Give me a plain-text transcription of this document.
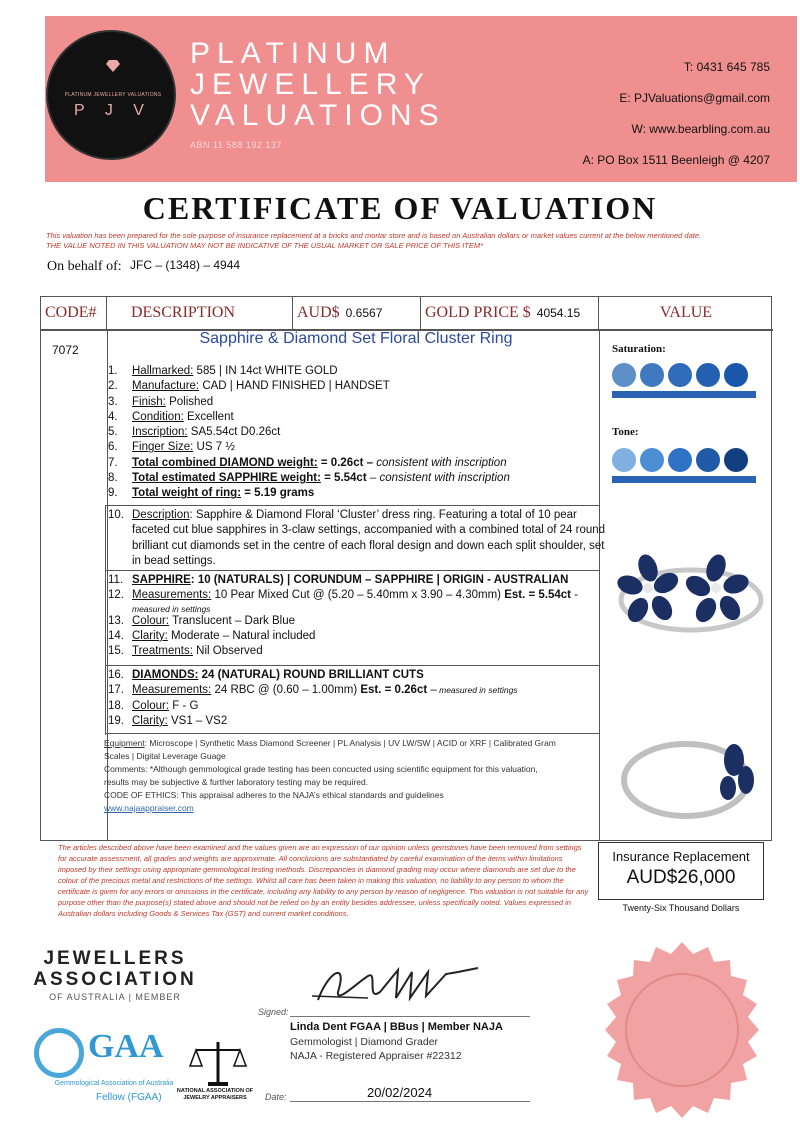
PLATINUM JEWELLERY VALUATIONS
P J V
PLATINUM
JEWELLERY
VALUATIONS
ABN 11 588 192 137
T: 0431 645 785
E: PJValuations@gmail.com
W: www.bearbling.com.au
A: PO Box 1511 Beenleigh @ 4207
CERTIFICATE OF VALUATION
This valuation has been prepared for the sole purpose of insurance replacement at a bricks and mortar store and is based on Australian dollars or market values current at the below mentioned date.
THE VALUE NOTED IN THIS VALUATION MAY NOT BE INDICATIVE OF THE USUAL MARKET OR SALE PRICE OF THIS ITEM*
On behalf of: JFC – (1348) – 4944
CODE#	DESCRIPTION	AUD$ 0.6567	GOLD PRICE $ 4054.15	VALUE
7072
Sapphire & Diamond Set Floral Cluster Ring
1. Hallmarked: 585 | IN 14ct WHITE GOLD
2. Manufacture: CAD | HAND FINISHED | HANDSET
3. Finish: Polished
4. Condition: Excellent
5. Inscription: SA5.54ct D0.26ct
6. Finger Size: US 7 ½
7. Total combined DIAMOND weight: = 0.26ct – consistent with inscription
8. Total estimated SAPPHIRE weight: = 5.54ct – consistent with inscription
9. Total weight of ring: = 5.19 grams
10. Description: Sapphire & Diamond Floral ‘Cluster’ dress ring. Featuring a total of 10 pear
faceted cut blue sapphires in 3-claw settings, accompanied with a combined total of 24 round
brilliant cut diamonds set in the centre of each floral design and down each split shoulder, set
in bead settings.
11. SAPPHIRE: 10 (NATURALS) | CORUNDUM – SAPPHIRE | ORIGIN - AUSTRALIAN
12. Measurements: 10 Pear Mixed Cut @ (5.20 – 5.40mm x 3.90 – 4.30mm) Est. = 5.54ct -
measured in settings
13. Colour: Translucent – Dark Blue
14. Clarity: Moderate – Natural included
15. Treatments: Nil Observed
16. DIAMONDS: 24 (NATURAL) ROUND BRILLIANT CUTS
17. Measurements: 24 RBC @ (0.60 – 1.00mm) Est. = 0.26ct – measured in settings
18. Colour: F - G
19. Clarity: VS1 – VS2
Equipment: Microscope | Synthetic Mass Diamond Screener | PL Analysis | UV LW/SW | ACID or XRF | Calibrated Gram Scales | Digital Leverage Guage
Comments: *Although gemmological grade testing has been concucted using scientific equipment for this valuation, results may be subjective & further laboratory testing may be required.
CODE OF ETHICS: This appraisal adheres to the NAJA’s ethical standards and guidelines
www.najaappraiser.com
Saturation:
Tone:
The articles described above have been examined and the values given are an expression of our opinion unless gemstones have been removed from settings for accurate assessment, all grades and weights are approximate. All conclusions are substantiated by careful examination of the items within limitations imposed by their settings using appropriate gemmological testing methods. Discrepancies in diamond grading may occur where diamonds are set due to the colour of the precious metal and restrictions of the settings. Whilst all care has been taken in making this valuation, no liability to any person to whom the certificate is given for any errors or omissions in the certificate, including any liability to any person by reason of negligence. This valuation is not suitable for any purpose other than the purpose(s) stated above and should not be relied on by an entity besides addressee, unless specifically noted. Values expressed in Australian dollars including Goods & Services Tax (GST) and current market conditions.
Insurance Replacement
AUD$26,000
Twenty-Six Thousand Dollars
JEWELLERS
ASSOCIATION
OF AUSTRALIA | MEMBER
GAA
Gemmological Association of Australia
Fellow (FGAA)
NATIONAL ASSOCIATION OF JEWELRY APPRAISERS
Signed:
Linda Dent FGAA | BBus | Member NAJA
Gemmologist | Diamond Grader
NAJA - Registered Appraiser #22312
Date:	20/02/2024
